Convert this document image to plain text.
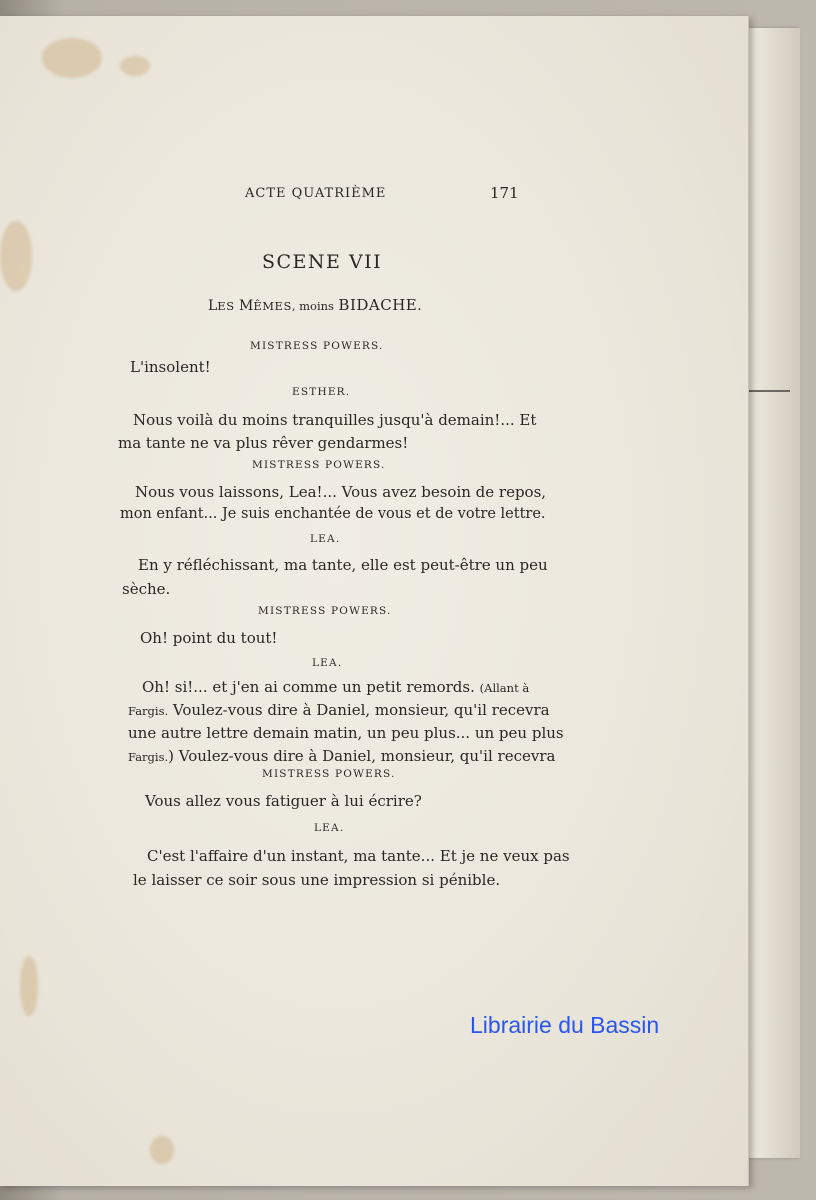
ACTE QUATRIÈME	171
SCENE VII
LES MÊMES, moins BIDACHE.
MISTRESS POWERS.
L'insolent!
ESTHER.
Nous voilà du moins tranquilles jusqu'à demain!... Et
ma tante ne va plus rêver gendarmes!
MISTRESS POWERS.
Nous vous laissons, Lea!... Vous avez besoin de repos,
mon enfant... Je suis enchantée de vous et de votre lettre.
LEA.
En y réfléchissant, ma tante, elle est peut-être un peu
sèche.
MISTRESS POWERS.
Oh! point du tout!
LEA.
Oh! si!... et j'en ai comme un petit remords. (Allant à
Fargis. Voulez-vous dire à Daniel, monsieur, qu'il recevra
une autre lettre demain matin, un peu plus... un peu plus
Fargis.) Voulez-vous dire à Daniel, monsieur, qu'il recevra
MISTRESS POWERS.
Vous allez vous fatiguer à lui écrire?
LEA.
C'est l'affaire d'un instant, ma tante... Et je ne veux pas
le laisser ce soir sous une impression si pénible.
Librairie du Bassin
